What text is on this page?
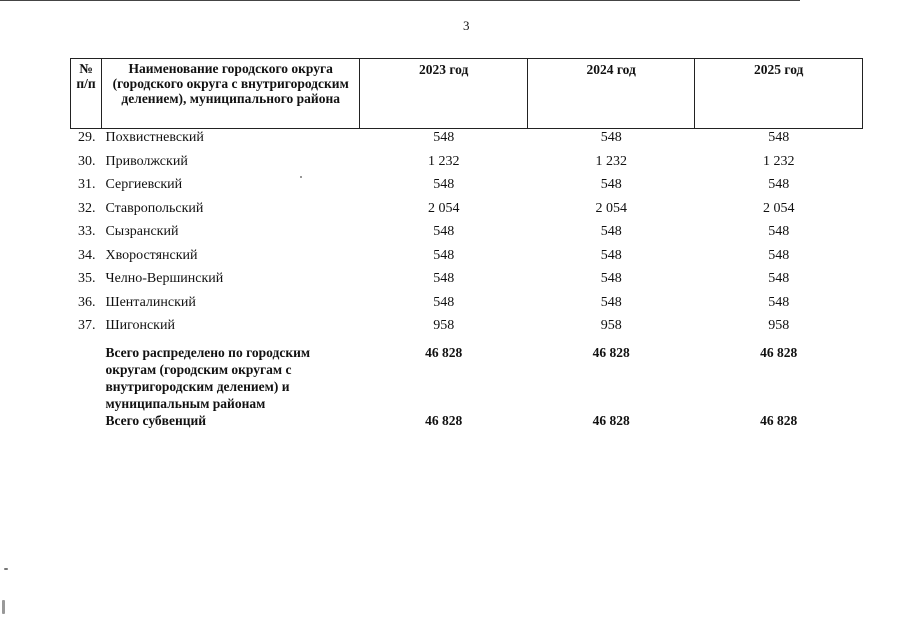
3
№ п/п	Наименование городского округа (городского округа с внутригородским делением), муниципального района	2023 год	2024 год	2025 год
29.	Похвистневский	548	548	548
30.	Приволжский	1 232	1 232	1 232
31.	Сергиевский	548	548	548
32.	Ставропольский	2 054	2 054	2 054
33.	Сызранский	548	548	548
34.	Хворостянский	548	548	548
35.	Челно-Вершинский	548	548	548
36.	Шенталинский	548	548	548
37.	Шигонский	958	958	958
	Всего распределено по городским округам (городским округам с внутригородским делением) и муниципальным районам	46 828	46 828	46 828
	Всего субвенций	46 828	46 828	46 828
